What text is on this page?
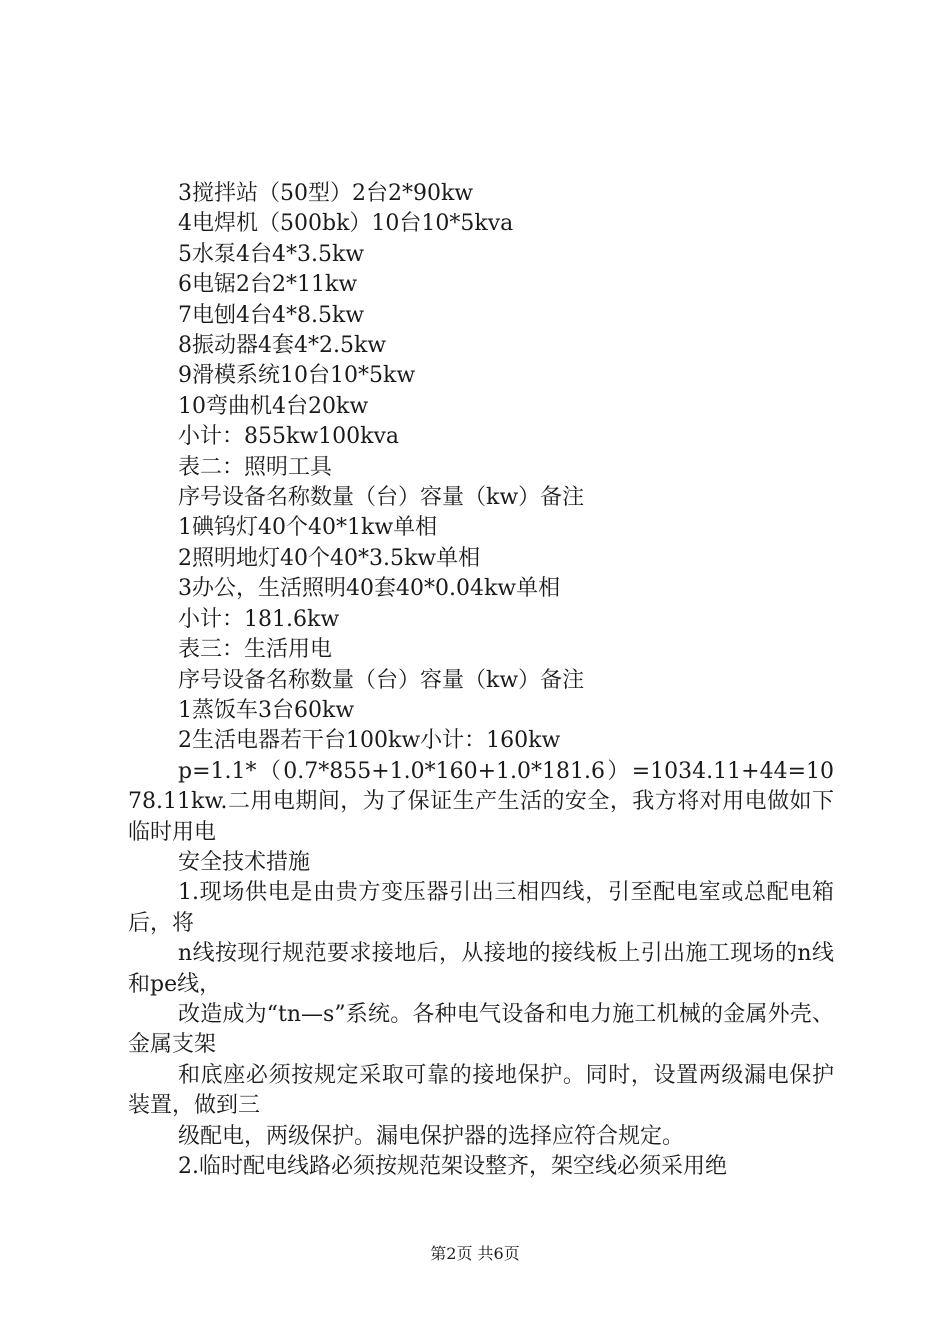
3搅拌站（50型）2台2*90kw

4电焊机（500bk）10台10*5kva

5水泵4台4*3.5kw

6电锯2台2*11kw

7电刨4台4*8.5kw

8振动器4套4*2.5kw

9滑模系统10台10*5kw

10弯曲机4台20kw

小计：855kw100kva

表二：照明工具

序号设备名称数量（台）容量（kw）备注

1碘钨灯40个40*1kw单相

2照明地灯40个40*3.5kw单相

3办公，生活照明40套40*0.04kw单相

小计：181.6kw

表三：生活用电

序号设备名称数量（台）容量（kw）备注

1蒸饭车3台60kw

2生活电器若干台100kw小计：160kw

p=1.1*（0.7*855+1.0*160+1.0*181.6）=1034.11+44=1078.11kw.二用电期间，为了保证生产生活的安全，我方将对用电做如下临时用电

安全技术措施

1.现场供电是由贵方变压器引出三相四线，引至配电室或总配电箱后，将

n线按现行规范要求接地后，从接地的接线板上引出施工现场的n线和pe线，

改造成为“tn—s”系统。各种电气设备和电力施工机械的金属外壳、金属支架

和底座必须按规定采取可靠的接地保护。同时，设置两级漏电保护装置，做到三

级配电，两级保护。漏电保护器的选择应符合规定。

2.临时配电线路必须按规范架设整齐，架空线必须采用绝

第2页 共6页
